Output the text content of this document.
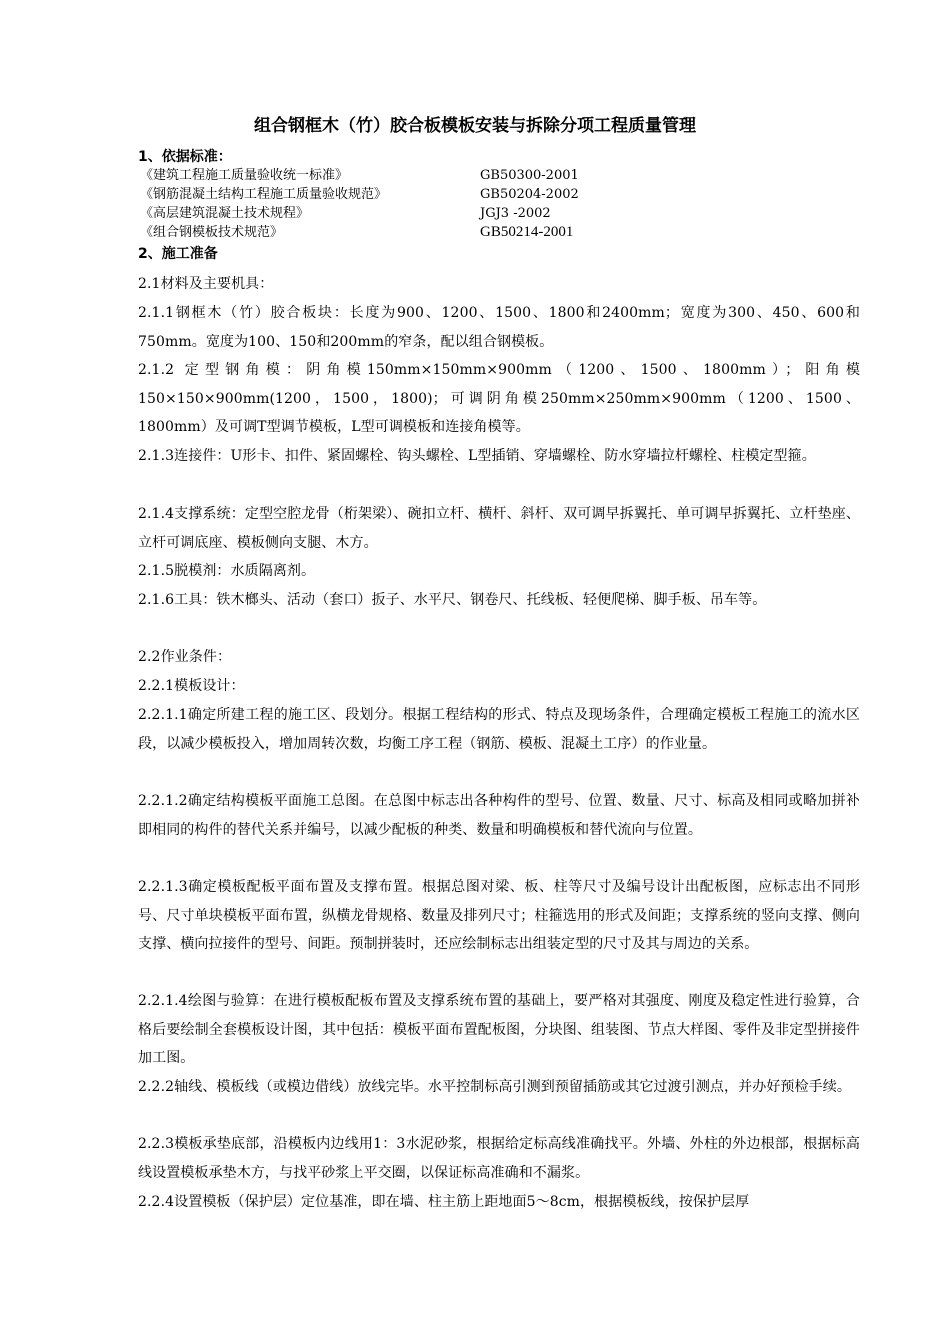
组合钢框木（竹）胶合板模板安装与拆除分项工程质量管理
1、依据标准：
《建筑工程施工质量验收统一标准》	GB50300-2001
《钢筋混凝土结构工程施工质量验收规范》	GB50204-2002
《高层建筑混凝土技术规程》	JGJ3 -2002
《组合钢模板技术规范》	GB50214-2001
2、施工准备
2.1材料及主要机具：
2.1.1钢框木（竹）胶合板块：长度为900、1200、1500、1800和2400mm；宽度为300、450、600和750mm。宽度为100、150和200mm的窄条，配以组合钢模板。
2.1.2 定型钢角模：阴角模150mm×150mm×900mm（1200、1500、1800mm）；阳角模150×150×900mm(1200，1500，1800)；可调阴角模250mm×250mm×900mm（1200、1500、1800mm）及可调T型调节模板，L型可调模板和连接角模等。
2.1.3连接件：U形卡、扣件、紧固螺栓、钩头螺栓、L型插销、穿墙螺栓、防水穿墙拉杆螺栓、柱模定型箍。
2.1.4支撑系统：定型空腔龙骨（桁架梁）、碗扣立杆、横杆、斜杆、双可调早拆翼托、单可调早拆翼托、立杆垫座、立杆可调底座、模板侧向支腿、木方。
2.1.5脱模剂：水质隔离剂。
2.1.6工具：铁木榔头、活动（套口）扳子、水平尺、钢卷尺、托线板、轻便爬梯、脚手板、吊车等。
2.2作业条件：
2.2.1模板设计：
2.2.1.1确定所建工程的施工区、段划分。根据工程结构的形式、特点及现场条件，合理确定模板工程施工的流水区段，以减少模板投入，增加周转次数，均衡工序工程（钢筋、模板、混凝土工序）的作业量。
2.2.1.2确定结构模板平面施工总图。在总图中标志出各种构件的型号、位置、数量、尺寸、标高及相同或略加拼补即相同的构件的替代关系并编号，以减少配板的种类、数量和明确模板和替代流向与位置。
2.2.1.3确定模板配板平面布置及支撑布置。根据总图对梁、板、柱等尺寸及编号设计出配板图，应标志出不同形号、尺寸单块模板平面布置，纵横龙骨规格、数量及排列尺寸；柱箍选用的形式及间距；支撑系统的竖向支撑、侧向支撑、横向拉接件的型号、间距。预制拼装时，还应绘制标志出组装定型的尺寸及其与周边的关系。
2.2.1.4绘图与验算：在进行模板配板布置及支撑系统布置的基础上，要严格对其强度、刚度及稳定性进行验算，合格后要绘制全套模板设计图，其中包括：模板平面布置配板图，分块图、组装图、节点大样图、零件及非定型拼接件加工图。
2.2.2轴线、模板线（或模边借线）放线完毕。水平控制标高引测到预留插筋或其它过渡引测点，并办好预检手续。
2.2.3模板承垫底部，沿模板内边线用1：3水泥砂浆，根据给定标高线准确找平。外墙、外柱的外边根部，根据标高线设置模板承垫木方，与找平砂浆上平交圈，以保证标高准确和不漏浆。
2.2.4设置模板（保护层）定位基准，即在墙、柱主筋上距地面5～8cm，根据模板线，按保护层厚
